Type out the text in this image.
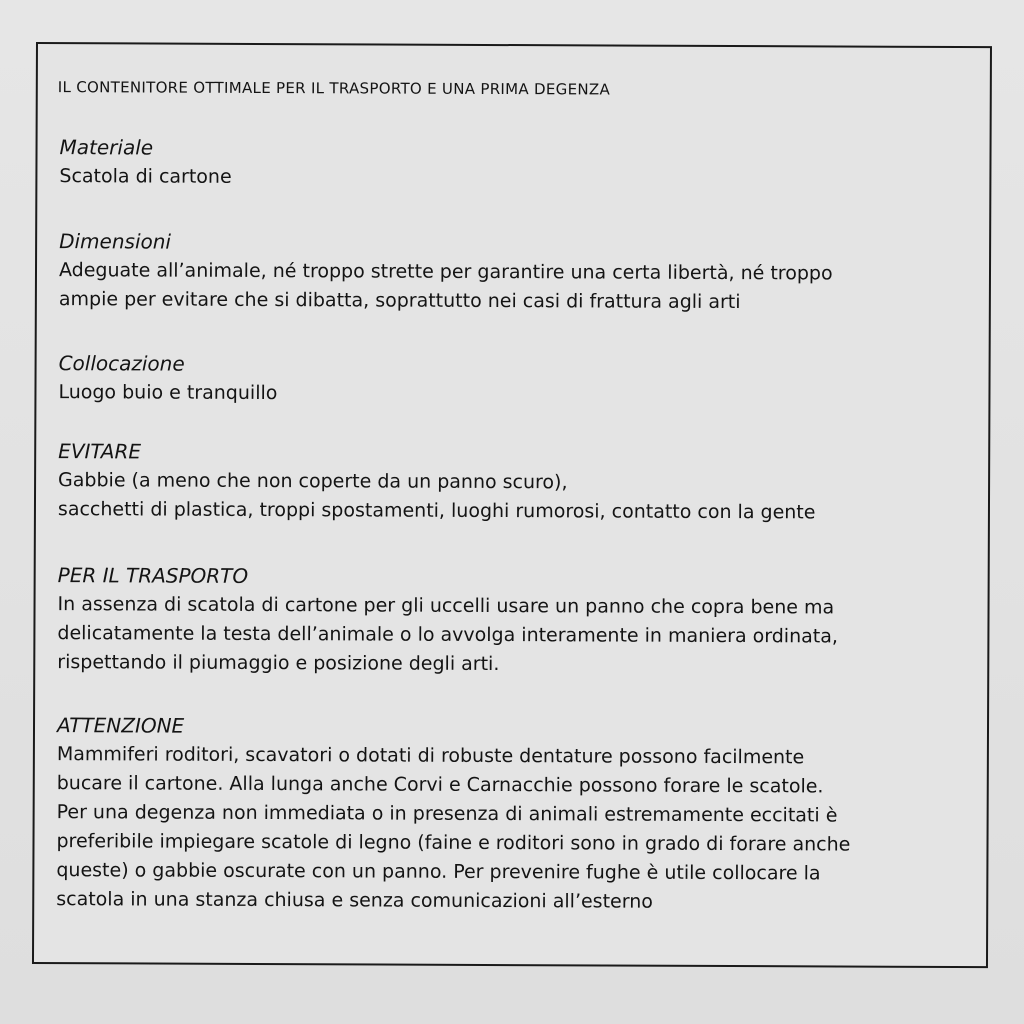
IL CONTENITORE OTTIMALE PER IL TRASPORTO E UNA PRIMA DEGENZA

Materiale

Scatola di cartone

Dimensioni

Adeguate all’animale, né troppo strette per garantire una certa libertà, né troppo

ampie per evitare che si dibatta, soprattutto nei casi di frattura agli arti

Collocazione

Luogo buio e tranquillo

EVITARE

Gabbie (a meno che non coperte da un panno scuro),

sacchetti di plastica, troppi spostamenti, luoghi rumorosi, contatto con la gente

PER IL TRASPORTO

In assenza di scatola di cartone per gli uccelli usare un panno che copra bene ma

delicatamente la testa dell’animale o lo avvolga interamente in maniera ordinata,

rispettando il piumaggio e posizione degli arti.

ATTENZIONE

Mammiferi roditori, scavatori o dotati di robuste dentature possono facilmente

bucare il cartone. Alla lunga anche Corvi e Carnacchie possono forare le scatole.

Per una degenza non immediata o in presenza di animali estremamente eccitati è

preferibile impiegare scatole di legno (faine e roditori sono in grado di forare anche

queste) o gabbie oscurate con un panno. Per prevenire fughe è utile collocare la

scatola in una stanza chiusa e senza comunicazioni all’esterno
